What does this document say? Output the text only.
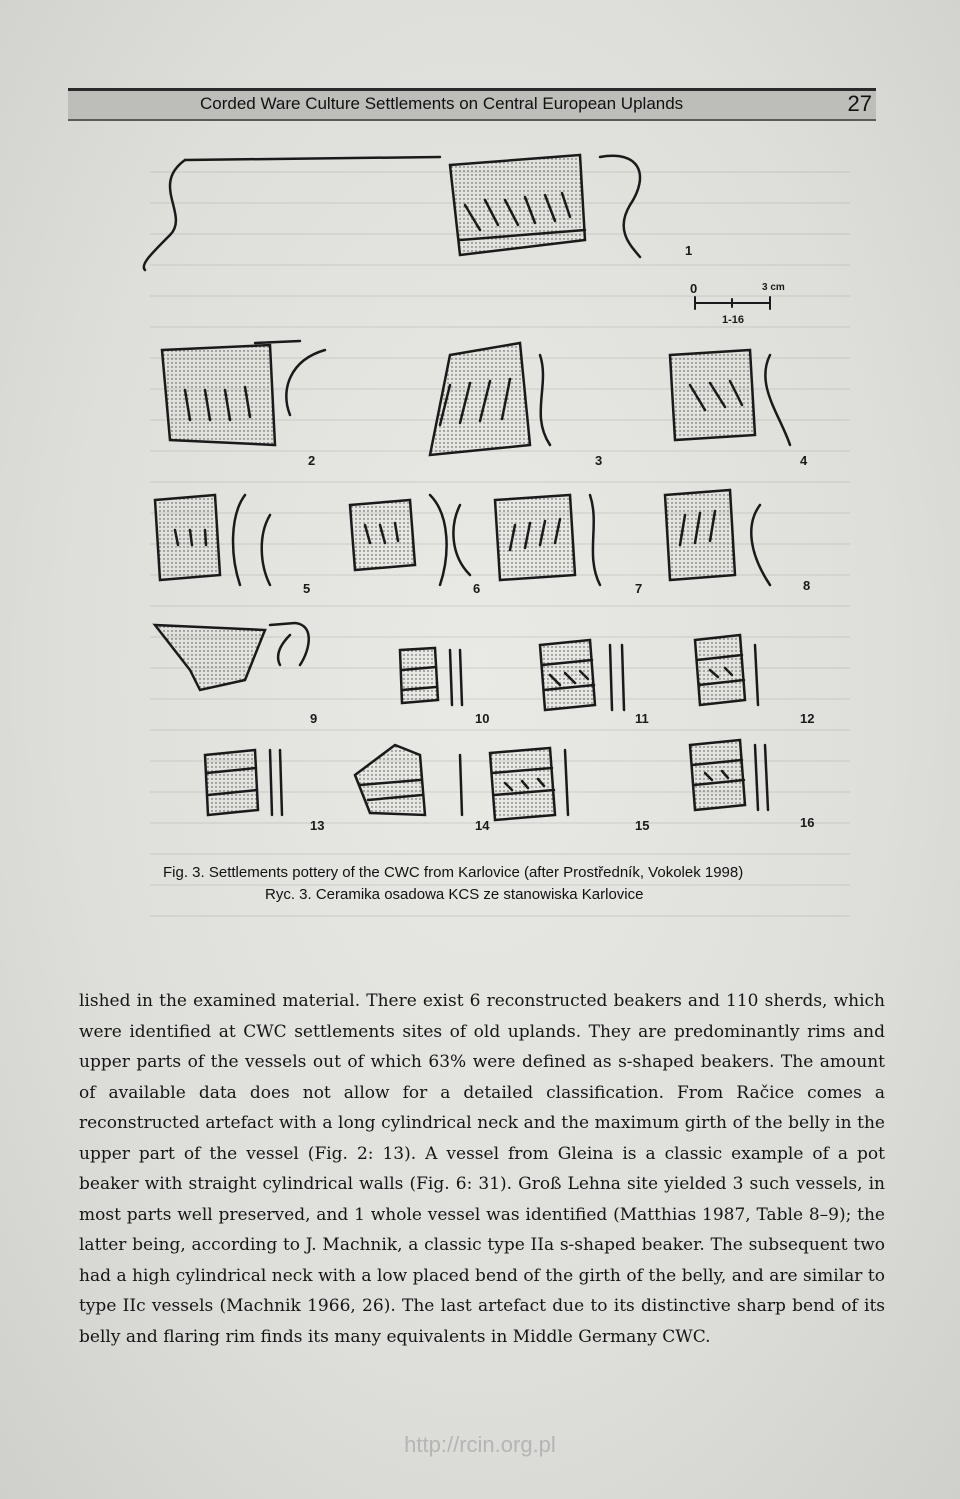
Corded Ware Culture Settlements on Central European Uplands	27
0	3 cm
1-16
1
2	3	4
5	6	7	8
9	10	11	12
13	14	15	16
Fig. 3. Settlements pottery of the CWC from Karlovice (after Prostředník, Vokolek 1998)
Ryc. 3. Ceramika osadowa KCS ze stanowiska Karlovice
lished in the examined material. There exist 6 reconstructed beakers and 110 sherds, which were identified at CWC settlements sites of old uplands. They are predominantly rims and upper parts of the vessels out of which 63% were defined as s-shaped beakers. The amount of available data does not allow for a detailed classification. From Račice comes a reconstructed artefact with a long cylindrical neck and the maximum girth of the belly in the upper part of the vessel (Fig. 2: 13). A vessel from Gleina is a classic example of a pot beaker with straight cylindrical walls (Fig. 6: 31). Groß Lehna site yielded 3 such vessels, in most parts well preserved, and 1 whole vessel was identified (Matthias 1987, Table 8–9); the latter being, according to J. Machnik, a classic type IIa s-shaped beaker. The subsequent two had a high cylindrical neck with a low placed bend of the girth of the belly, and are similar to type IIc vessels (Machnik 1966, 26). The last artefact due to its distinctive sharp bend of its belly and flaring rim finds its many equivalents in Middle Germany CWC.
http://rcin.org.pl
